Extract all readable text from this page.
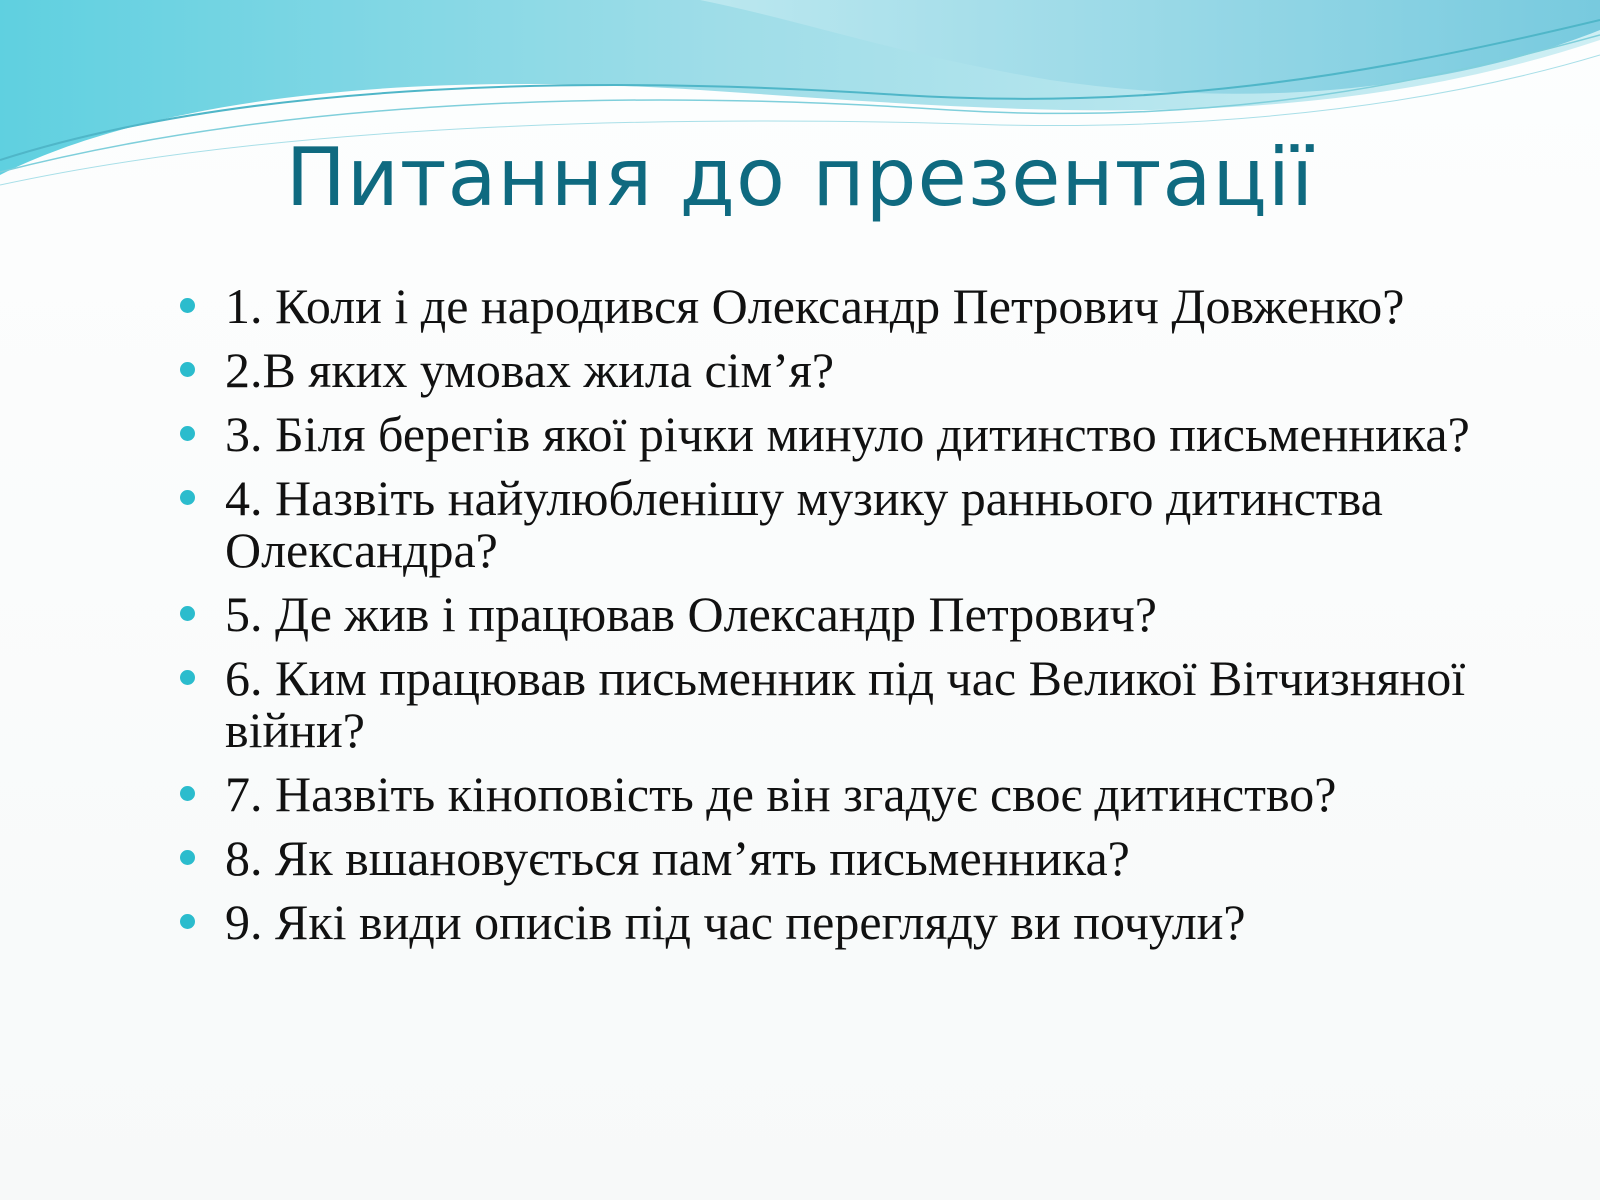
Питання до презентації
1. Коли і де народився Олександр Петрович Довженко?
2.В яких умовах жила сім’я?
3. Біля берегів якої річки минуло дитинство письменника?
4. Назвіть найулюбленішу музику раннього дитинства Олександра?
5. Де жив і працював Олександр Петрович?
6. Ким працював письменник під час Великої Вітчизняної війни?
7. Назвіть кіноповість де він згадує своє дитинство?
8. Як вшановується пам’ять письменника?
9. Які види описів під час перегляду ви почули?
